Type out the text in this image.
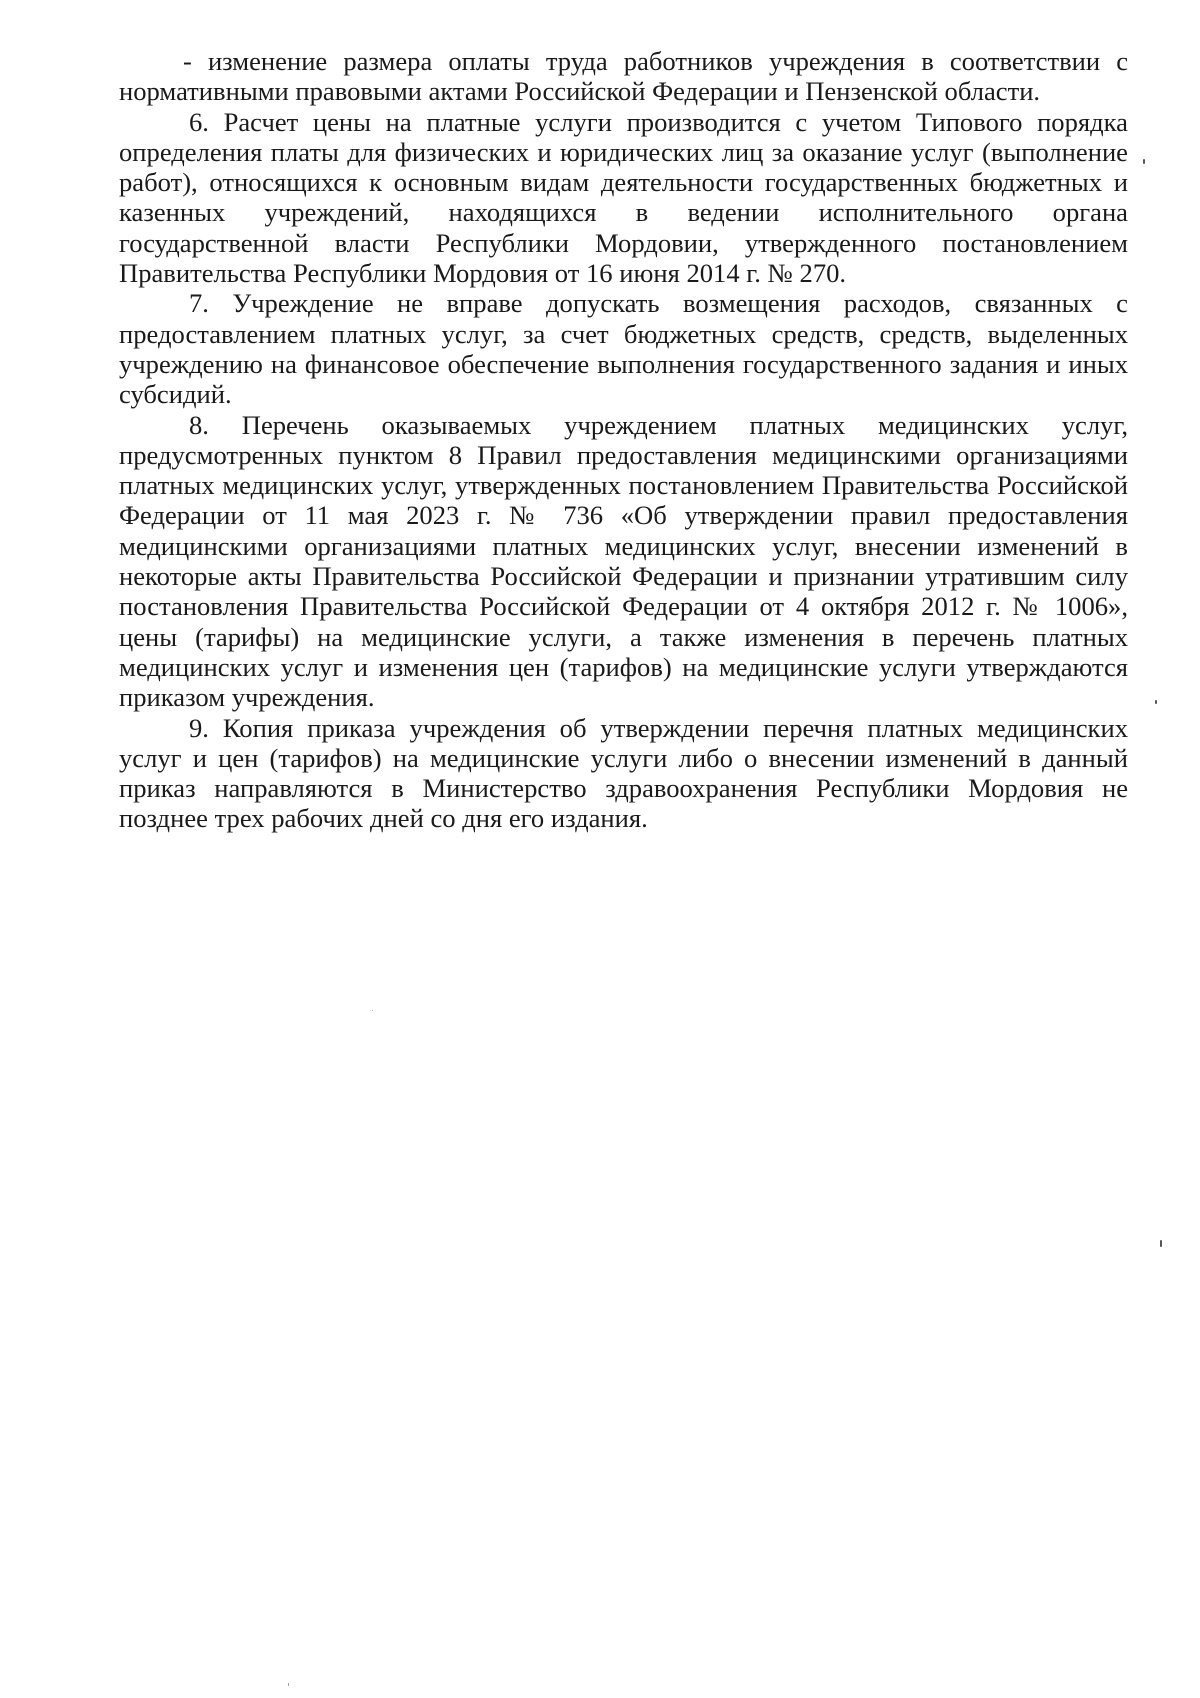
- изменение размера оплаты труда работников учреждения в соответствии с нормативными правовыми актами Российской Федерации и Пензенской области.

6. Расчет цены на платные услуги производится с учетом Типового порядка определения платы для физических и юридических лиц за оказание услуг (выполнение работ), относящихся к основным видам деятельности государственных бюджетных и казенных учреждений, находящихся в ведении исполнительного органа государственной власти Республики Мордовии, утвержденного постановлением Правительства Республики Мордовия от 16 июня 2014 г. № 270.

7. Учреждение не вправе допускать возмещения расходов, связанных с предоставлением платных услуг, за счет бюджетных средств, средств, выделенных учреждению на финансовое обеспечение выполнения государственного задания и иных субсидий.

8. Перечень оказываемых учреждением платных медицинских услуг, предусмотренных пунктом 8 Правил предоставления медицинскими организациями платных медицинских услуг, утвержденных постановлением Правительства Российской Федерации от 11 мая 2023 г. № 736 «Об утверждении правил предоставления медицинскими организациями платных медицинских услуг, внесении изменений в некоторые акты Правительства Российской Федерации и признании утратившим силу постановления Правительства Российской Федерации от 4 октября 2012 г. № 1006», цены (тарифы) на медицинские услуги, а также изменения в перечень платных медицинских услуг и изменения цен (тарифов) на медицинские услуги утверждаются приказом учреждения.

9. Копия приказа учреждения об утверждении перечня платных медицинских услуг и цен (тарифов) на медицинские услуги либо о внесении изменений в данный приказ направляются в Министерство здравоохранения Республики Мордовия не позднее трех рабочих дней со дня его издания.
